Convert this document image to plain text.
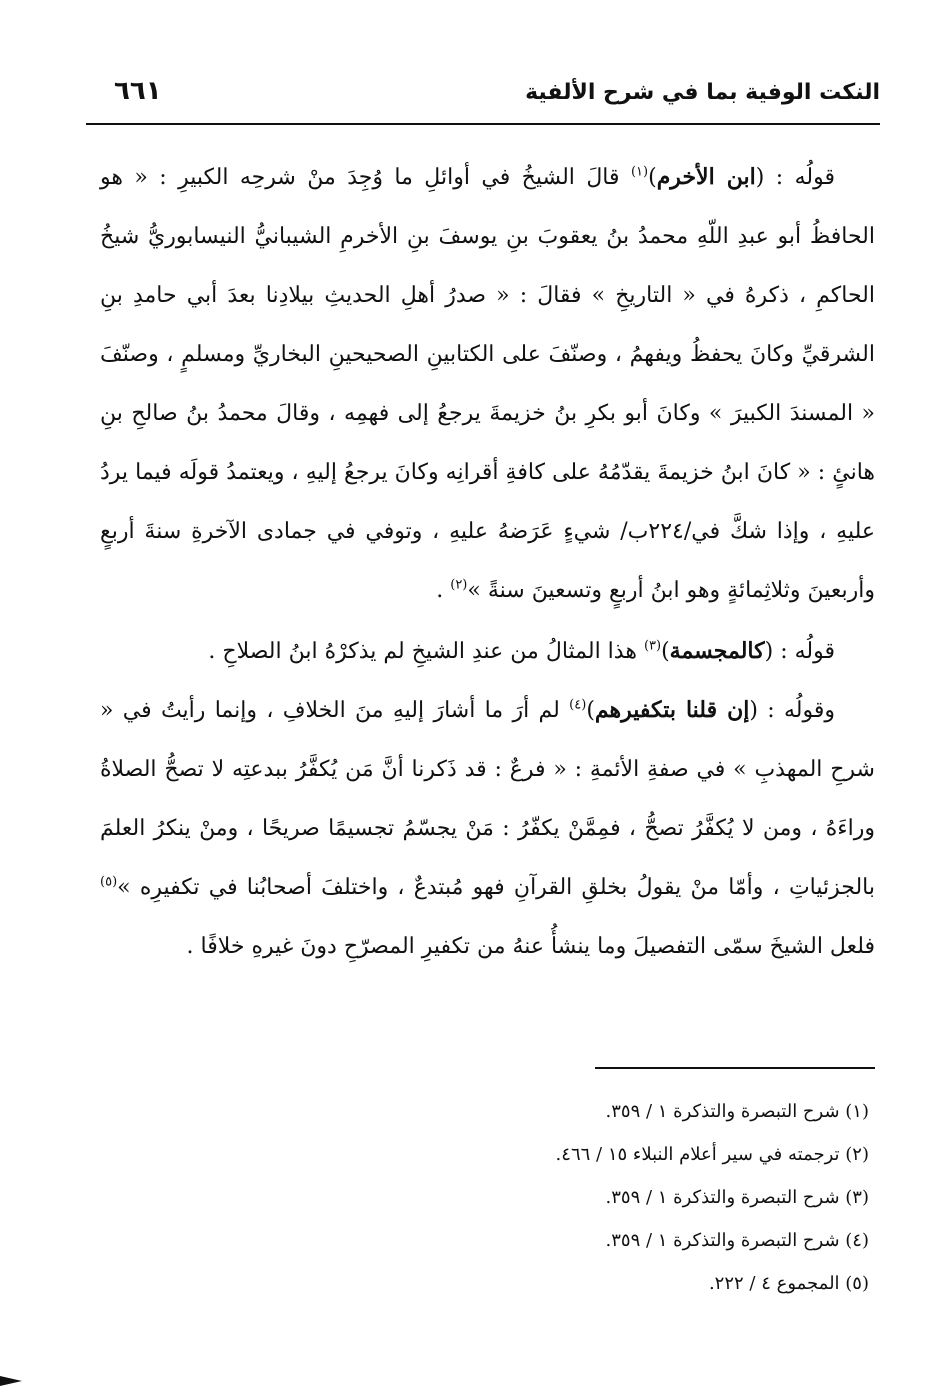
٦٦١	النكت الوفية بما في شرح الألفية

قولُه : (ابن الأخرم)$^{(١)}$ قالَ الشيخُ في أوائلِ ما وُجِدَ منْ شرحِه الكبيرِ : « هو الحافظُ أبو عبدِ اللّهِ محمدُ بنُ يعقوبَ بنِ يوسفَ بنِ الأخرمِ الشيبانيُّ النيسابوريُّ شيخُ الحاكمِ ، ذكرهُ في « التاريخِ » فقالَ : « صدرُ أهلِ الحديثِ بيلادِنا بعدَ أبي حامدِ بنِ الشرقيِّ وكانَ يحفظُ ويفهمُ ، وصنّفَ على الكتابينِ الصحيحينِ البخاريِّ ومسلمٍ ، وصنّفَ « المسندَ الكبيرَ » وكانَ أبو بكرِ بنُ خزيمةَ يرجعُ إلى فهمِه ، وقالَ محمدُ بنُ صالحِ بنِ هانئٍ : « كانَ ابنُ خزيمةَ يقدّمُهُ على كافةِ أقرانِه وكانَ يرجعُ إليهِ ، ويعتمدُ قولَه فيما يردُ عليهِ ، وإذا شكَّ في/٢٢٤ب/ شيءٍ عَرَضهُ عليهِ ، وتوفي في جمادى الآخرةِ سنةَ أربعٍ وأربعينَ وثلاثِمائةٍ وهو ابنُ أربعٍ وتسعينَ سنةً »$^{(٢)}$ .

قولُه : (كالمجسمة)$^{(٣)}$ هذا المثالُ من عندِ الشيخِ لم يذكرْهُ ابنُ الصلاحِ .

وقولُه : (إن قلنا بتكفيرهم)$^{(٤)}$ لم أرَ ما أشارَ إليهِ منَ الخلافِ ، وإنما رأيتُ في « شرحِ المهذبِ » في صفةِ الأئمةِ : « فرعٌ : قد ذَكرنا أنَّ مَن يُكفَّرُ ببدعتِه لا تصحُّ الصلاةُ وراءَهُ ، ومن لا يُكفَّرُ تصحُّ ، فمِمَّنْ يكفّرُ : مَنْ يجسّمُ تجسيمًا صريحًا ، ومنْ ينكرُ العلمَ بالجزئياتِ ، وأمّا منْ يقولُ بخلقِ القرآنِ فهو مُبتدعٌ ، واختلفَ أصحابُنا في تكفيرِه »$^{(٥)}$ فلعل الشيخَ سمّى التفصيلَ وما ينشأُ عنهُ من تكفيرِ المصرّحِ دونَ غيرهِ خلافًا .

(١) شرح التبصرة والتذكرة ١ / ٣٥٩.
(٢) ترجمته في سير أعلام النبلاء ١٥ / ٤٦٦.
(٣) شرح التبصرة والتذكرة ١ / ٣٥٩.
(٤) شرح التبصرة والتذكرة ١ / ٣٥٩.
(٥) المجموع ٤ / ٢٢٢.
